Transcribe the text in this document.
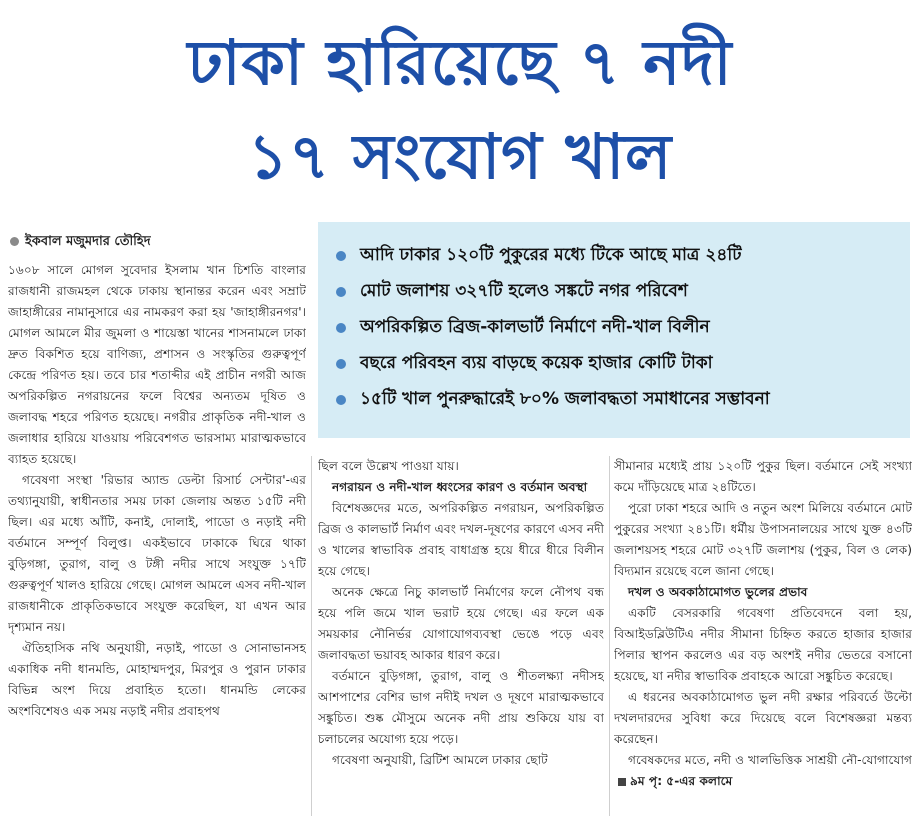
ঢাকা হারিয়েছে ৭ নদী
১৭ সংযোগ খাল
ইকবাল মজুমদার তৌহিদ
আদি ঢাকার ১২০টি পুকুরের মধ্যে টিকে আছে মাত্র ২৪টি
মোট জলাশয় ৩২৭টি হলেও সঙ্কটে নগর পরিবেশ
অপরিকল্পিত ব্রিজ-কালভার্ট নির্মাণে নদী-খাল বিলীন
বছরে পরিবহন ব্যয় বাড়ছে কয়েক হাজার কোটি টাকা
১৫টি খাল পুনরুদ্ধারেই ৮০% জলাবদ্ধতা সমাধানের সম্ভাবনা

১৬০৮ সালে মোগল সুবেদার ইসলাম খান চিশতি বাংলার রাজধানী রাজমহল থেকে ঢাকায় স্থানান্তর করেন এবং সম্রাট জাহাঙ্গীরের নামানুসারে এর নামকরণ করা হয় 'জাহাঙ্গীরনগর'। মোগল আমলে মীর জুমলা ও শায়েস্তা খানের শাসনামলে ঢাকা দ্রুত বিকশিত হয়ে বাণিজ্য, প্রশাসন ও সংস্কৃতির গুরুত্বপূর্ণ কেন্দ্রে পরিণত হয়। তবে চার শতাব্দীর এই প্রাচীন নগরী আজ অপরিকল্পিত নগরায়নের ফলে বিশ্বের অন্যতম দূষিত ও জলাবদ্ধ শহরে পরিণত হয়েছে। নগরীর প্রাকৃতিক নদী-খাল ও জলাধার হারিয়ে যাওয়ায় পরিবেশগত ভারসাম্য মারাত্মকভাবে ব্যাহত হয়েছে।

গবেষণা সংস্থা 'রিভার অ্যান্ড ডেল্টা রিসার্চ সেন্টার'-এর তথ্যানুযায়ী, স্বাধীনতার সময় ঢাকা জেলায় অন্তত ১৫টি নদী ছিল। এর মধ্যে আঁটি, কনাই, দোলাই, পাডো ও নড়াই নদী বর্তমানে সম্পূর্ণ বিলুপ্ত। একইভাবে ঢাকাকে ঘিরে থাকা বুড়িগঙ্গা, তুরাগ, বালু ও টঙ্গী নদীর সাথে সংযুক্ত ১৭টি গুরুত্বপূর্ণ খালও হারিয়ে গেছে। মোগল আমলে এসব নদী-খাল রাজধানীকে প্রাকৃতিকভাবে সংযুক্ত করেছিল, যা এখন আর দৃশ্যমান নয়।

ঐতিহাসিক নথি অনুযায়ী, নড়াই, পাডো ও সোনাভানসহ একাধিক নদী ধানমন্ডি, মোহাম্মদপুর, মিরপুর ও পুরান ঢাকার বিভিন্ন অংশ দিয়ে প্রবাহিত হতো। ধানমন্ডি লেকের অংশবিশেষও এক সময় নড়াই নদীর প্রবাহপথ

ছিল বলে উল্লেখ পাওয়া যায়।

নগরায়ন ও নদী-খাল ধ্বংসের কারণ ও বর্তমান অবস্থা

বিশেষজ্ঞদের মতে, অপরিকল্পিত নগরায়ন, অপরিকল্পিত ব্রিজ ও কালভার্ট নির্মাণ এবং দখল-দূষণের কারণে এসব নদী ও খালের স্বাভাবিক প্রবাহ বাধাগ্রস্ত হয়ে ধীরে ধীরে বিলীন হয়ে গেছে।

অনেক ক্ষেত্রে নিচু কালভার্ট নির্মাণের ফলে নৌপথ বন্ধ হয়ে পলি জমে খাল ভরাট হয়ে গেছে। এর ফলে এক সময়কার নৌনির্ভর যোগাযোগব্যবস্থা ভেঙে পড়ে এবং জলাবদ্ধতা ভয়াবহ আকার ধারণ করে।

বর্তমানে বুড়িগঙ্গা, তুরাগ, বালু ও শীতলক্ষ্যা নদীসহ আশপাশের বেশির ভাগ নদীই দখল ও দূষণে মারাত্মকভাবে সঙ্কুচিত। শুষ্ক মৌসুমে অনেক নদী প্রায় শুকিয়ে যায় বা চলাচলের অযোগ্য হয়ে পড়ে।

গবেষণা অনুযায়ী, ব্রিটিশ আমলে ঢাকার ছোট

সীমানার মধ্যেই প্রায় ১২০টি পুকুর ছিল। বর্তমানে সেই সংখ্যা কমে দাঁড়িয়েছে মাত্র ২৪টিতে।

পুরো ঢাকা শহরে আদি ও নতুন অংশ মিলিয়ে বর্তমানে মোট পুকুরের সংখ্যা ২৪১টি। ধর্মীয় উপাসনালয়ের সাথে যুক্ত ৪৩টি জলাশয়সহ শহরে মোট ৩২৭টি জলাশয় (পুকুর, বিল ও লেক) বিদ্যমান রয়েছে বলে জানা গেছে।

দখল ও অবকাঠামোগত ভুলের প্রভাব

একটি বেসরকারি গবেষণা প্রতিবেদনে বলা হয়, বিআইডব্লিউটিএ নদীর সীমানা চিহ্নিত করতে হাজার হাজার পিলার স্থাপন করলেও এর বড় অংশই নদীর ভেতরে বসানো হয়েছে, যা নদীর স্বাভাবিক প্রবাহকে আরো সঙ্কুচিত করেছে।

এ ধরনের অবকাঠামোগত ভুল নদী রক্ষার পরিবর্তে উল্টো দখলদারদের সুবিধা করে দিয়েছে বলে বিশেষজ্ঞরা মন্তব্য করেছেন।

গবেষকদের মতে, নদী ও খালভিত্তিক সাশ্রয়ী নৌ-যোগাযোগ ৯ম পৃ: ৫-এর কলামে
